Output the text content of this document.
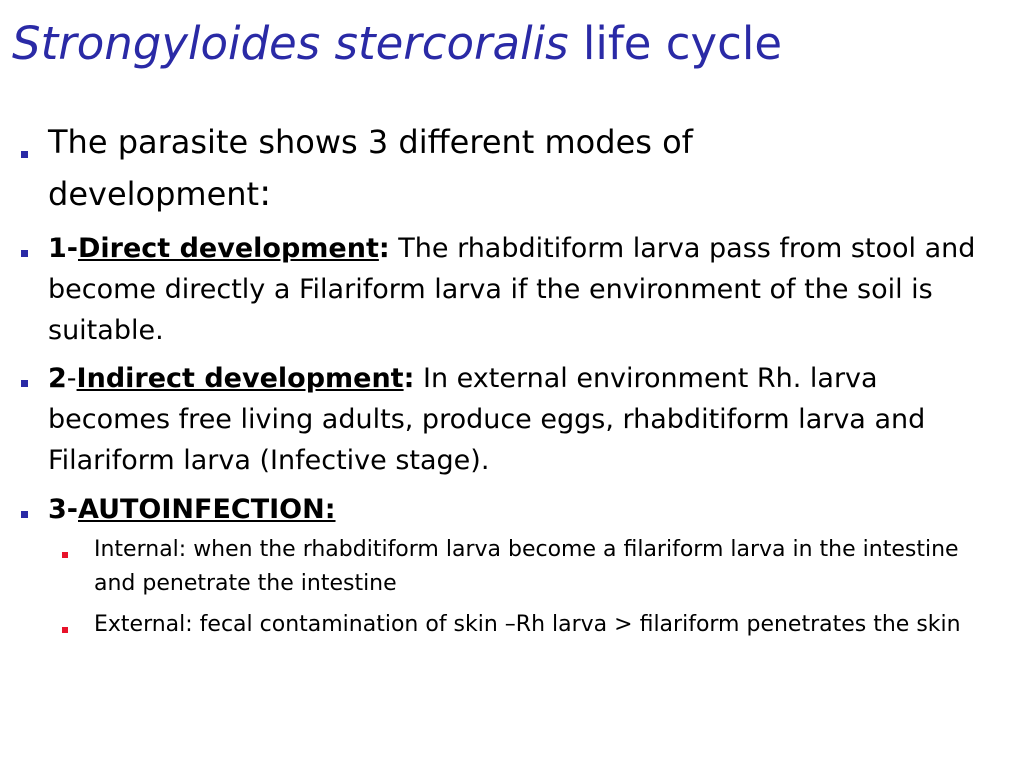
Strongyloides stercoralis life cycle
The parasite shows 3 different modes of
development:
1-Direct development: The rhabditiform larva pass from stool and become directly a Filariform larva if the environment of the soil is suitable.
2-Indirect development: In external environment Rh. larva becomes free living adults, produce eggs, rhabditiform larva and Filariform larva (Infective stage).
3-AUTOINFECTION:
Internal: when the rhabditiform larva become a filariform larva in the intestine and penetrate the intestine
External: fecal contamination of skin –Rh larva > filariform penetrates the skin
